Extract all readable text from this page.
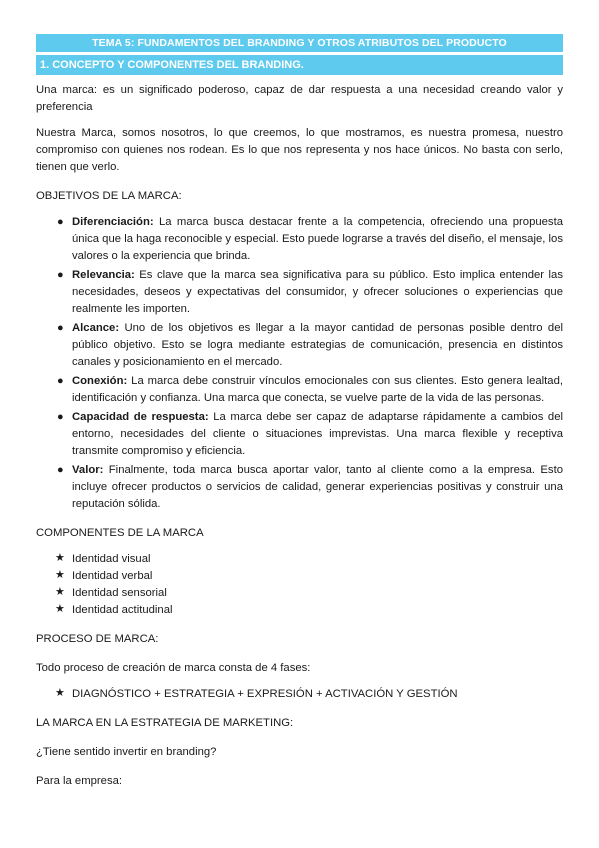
TEMA 5: FUNDAMENTOS DEL BRANDING Y OTROS ATRIBUTOS DEL PRODUCTO
1. CONCEPTO Y COMPONENTES DEL BRANDING.

Una marca: es un significado poderoso, capaz de dar respuesta a una necesidad creando valor y preferencia

Nuestra Marca, somos nosotros, lo que creemos, lo que mostramos, es nuestra promesa, nuestro compromiso con quienes nos rodean. Es lo que nos representa y nos hace únicos. No basta con serlo, tienen que verlo.

OBJETIVOS DE LA MARCA:
● Diferenciación: La marca busca destacar frente a la competencia, ofreciendo una propuesta única que la haga reconocible y especial. Esto puede lograrse a través del diseño, el mensaje, los valores o la experiencia que brinda.
● Relevancia: Es clave que la marca sea significativa para su público. Esto implica entender las necesidades, deseos y expectativas del consumidor, y ofrecer soluciones o experiencias que realmente les importen.
● Alcance: Uno de los objetivos es llegar a la mayor cantidad de personas posible dentro del público objetivo. Esto se logra mediante estrategias de comunicación, presencia en distintos canales y posicionamiento en el mercado.
● Conexión: La marca debe construir vínculos emocionales con sus clientes. Esto genera lealtad, identificación y confianza. Una marca que conecta, se vuelve parte de la vida de las personas.
● Capacidad de respuesta: La marca debe ser capaz de adaptarse rápidamente a cambios del entorno, necesidades del cliente o situaciones imprevistas. Una marca flexible y receptiva transmite compromiso y eficiencia.
● Valor: Finalmente, toda marca busca aportar valor, tanto al cliente como a la empresa. Esto incluye ofrecer productos o servicios de calidad, generar experiencias positivas y construir una reputación sólida.
COMPONENTES DE LA MARCA
★ Identidad visual
★ Identidad verbal
★ Identidad sensorial
★ Identidad actitudinal
PROCESO DE MARCA:

Todo proceso de creación de marca consta de 4 fases:

★ DIAGNÓSTICO + ESTRATEGIA + EXPRESIÓN + ACTIVACIÓN Y GESTIÓN
LA MARCA EN LA ESTRATEGIA DE MARKETING:

¿Tiene sentido invertir en branding?

Para la empresa:
